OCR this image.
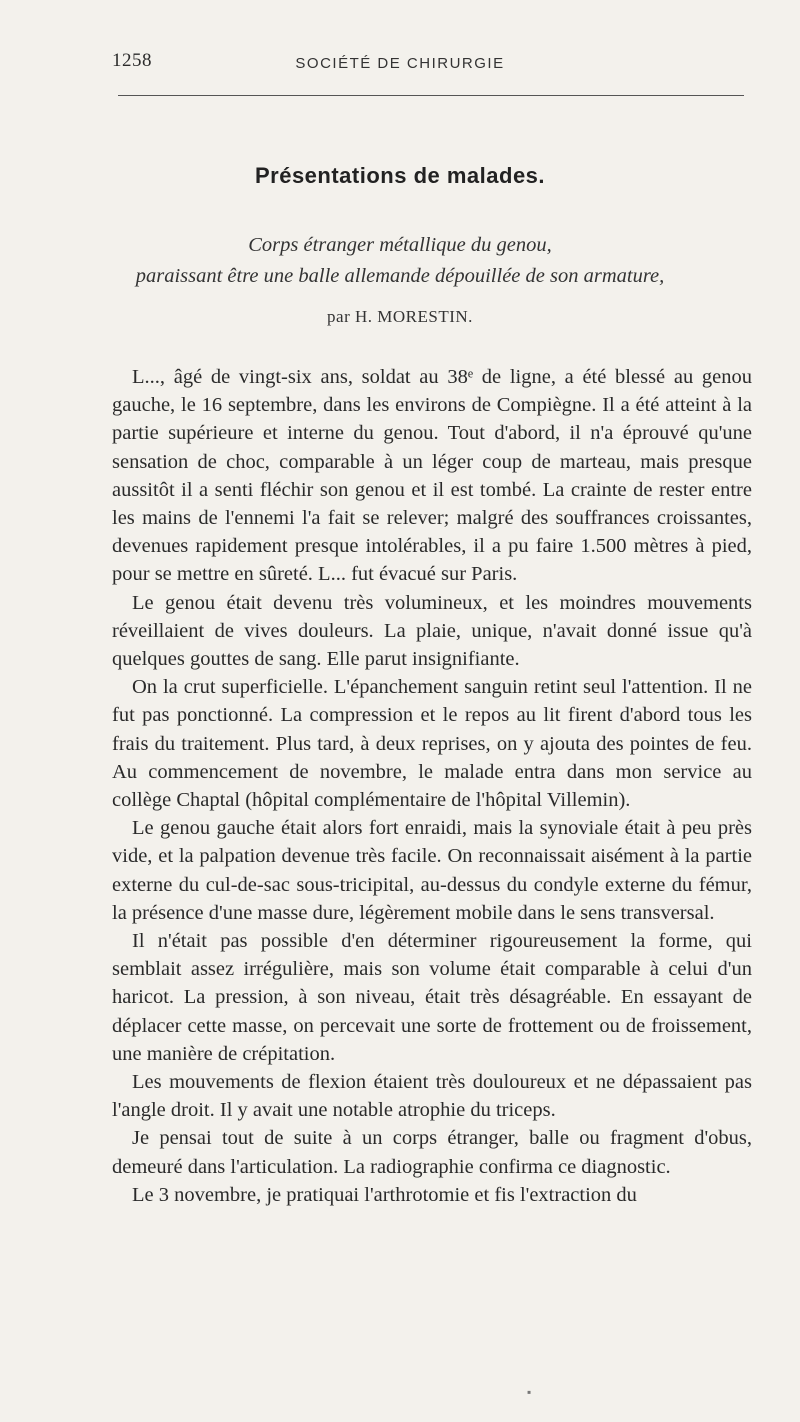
1258	SOCIÉTÉ DE CHIRURGIE
Présentations de malades.
Corps étranger métallique du genou,
paraissant être une balle allemande dépouillée de son armature,
par H. MORESTIN.

L..., âgé de vingt-six ans, soldat au 38ᵉ de ligne, a été blessé au genou gauche, le 16 septembre, dans les environs de Compiègne. Il a été atteint à la partie supérieure et interne du genou. Tout d'abord, il n'a éprouvé qu'une sensation de choc, comparable à un léger coup de marteau, mais presque aussitôt il a senti fléchir son genou et il est tombé. La crainte de rester entre les mains de l'ennemi l'a fait se relever; malgré des souffrances croissantes, devenues rapidement presque intolérables, il a pu faire 1.500 mètres à pied, pour se mettre en sûreté. L... fut évacué sur Paris.

Le genou était devenu très volumineux, et les moindres mouvements réveillaient de vives douleurs. La plaie, unique, n'avait donné issue qu'à quelques gouttes de sang. Elle parut insignifiante.

On la crut superficielle. L'épanchement sanguin retint seul l'attention. Il ne fut pas ponctionné. La compression et le repos au lit firent d'abord tous les frais du traitement. Plus tard, à deux reprises, on y ajouta des pointes de feu. Au commencement de novembre, le malade entra dans mon service au collège Chaptal (hôpital complémentaire de l'hôpital Villemin).

Le genou gauche était alors fort enraidi, mais la synoviale était à peu près vide, et la palpation devenue très facile. On reconnaissait aisément à la partie externe du cul-de-sac sous-tricipital, au-dessus du condyle externe du fémur, la présence d'une masse dure, légèrement mobile dans le sens transversal.

Il n'était pas possible d'en déterminer rigoureusement la forme, qui semblait assez irrégulière, mais son volume était comparable à celui d'un haricot. La pression, à son niveau, était très désagréable. En essayant de déplacer cette masse, on percevait une sorte de frottement ou de froissement, une manière de crépitation.

Les mouvements de flexion étaient très douloureux et ne dépassaient pas l'angle droit. Il y avait une notable atrophie du triceps.

Je pensai tout de suite à un corps étranger, balle ou fragment d'obus, demeuré dans l'articulation. La radiographie confirma ce diagnostic.

Le 3 novembre, je pratiquai l'arthrotomie et fis l'extraction du

▪
